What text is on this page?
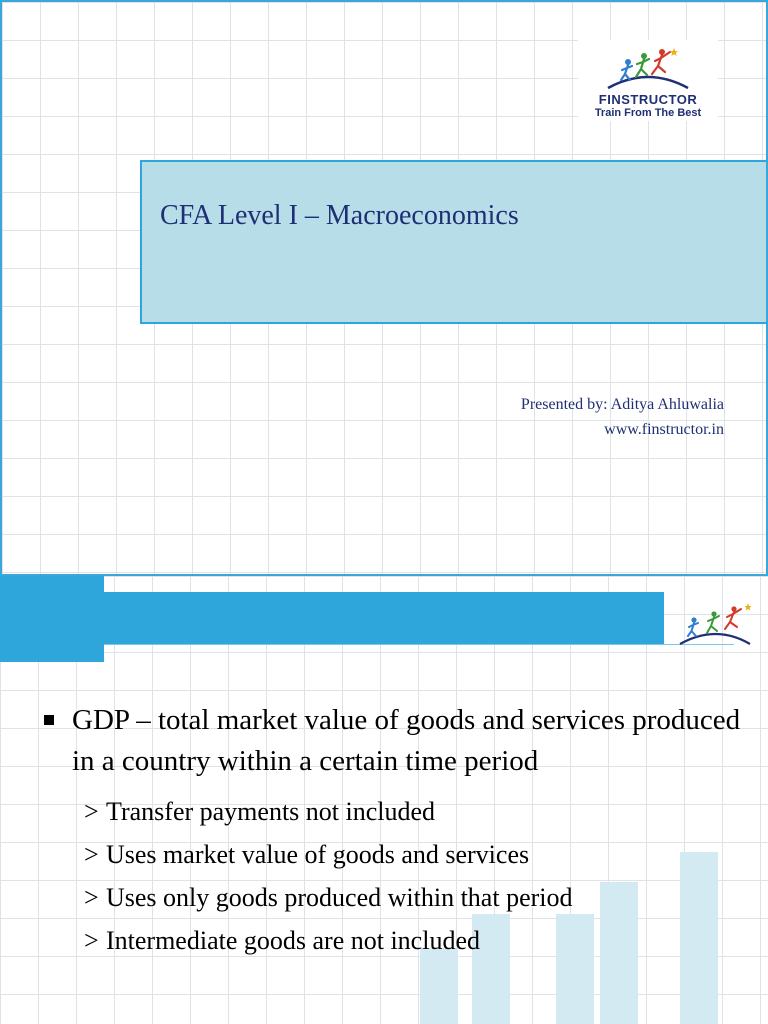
FINSTRUCTOR
Train From The Best
CFA Level I – Macroeconomics
Presented by: Aditya Ahluwalia
www.finstructor.in
GDP – total market value of goods and services produced in a country within a certain time period
> Transfer payments not included
> Uses market value of goods and services
> Uses only goods produced within that period
> Intermediate goods are not included
